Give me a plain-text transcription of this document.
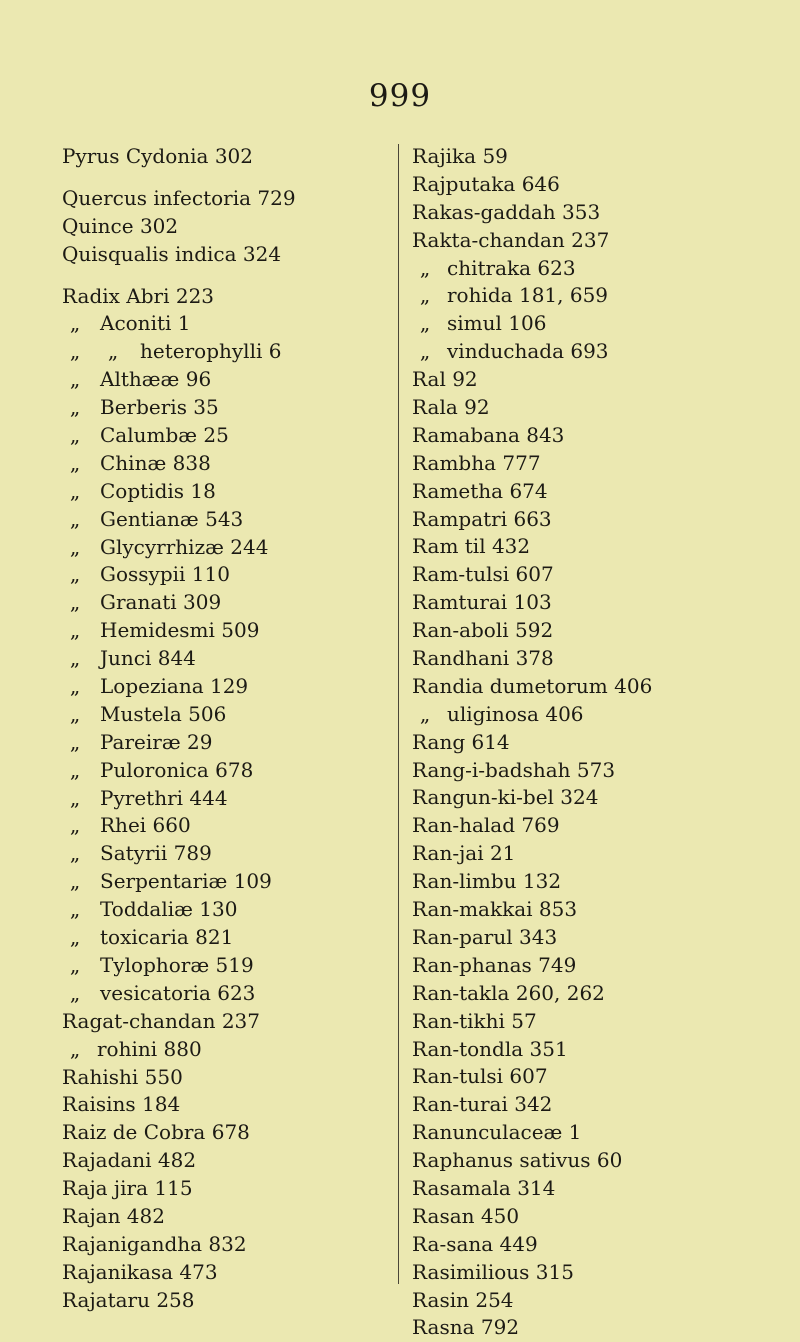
999
Pyrus Cydonia 302
Quercus infectoria 729
Quince 302
Quisqualis indica 324
Radix Abri 223
„ Aconiti 1
„ „ heterophylli 6
„ Althææ 96
„ Berberis 35
„ Calumbæ 25
„ Chinæ 838
„ Coptidis 18
„ Gentianæ 543
„ Glycyrrhizæ 244
„ Gossypii 110
„ Granati 309
„ Hemidesmi 509
„ Junci 844
„ Lopeziana 129
„ Mustela 506
„ Pareiræ 29
„ Puloronica 678
„ Pyrethri 444
„ Rhei 660
„ Satyrii 789
„ Serpentariæ 109
„ Toddaliæ 130
„ toxicaria 821
„ Tylophoræ 519
„ vesicatoria 623
Ragat-chandan 237
„ rohini 880
Rahishi 550
Raisins 184
Raiz de Cobra 678
Rajadani 482
Raja jira 115
Rajan 482
Rajanigandha 832
Rajanikasa 473
Rajataru 258
Rajika 59
Rajputaka 646
Rakas-gaddah 353
Rakta-chandan 237
„ chitraka 623
„ rohida 181, 659
„ simul 106
„ vinduchada 693
Ral 92
Rala 92
Ramabana 843
Rambha 777
Rametha 674
Rampatri 663
Ram til 432
Ram-tulsi 607
Ramturai 103
Ran-aboli 592
Randhani 378
Randia dumetorum 406
„ uliginosa 406
Rang 614
Rang-i-badshah 573
Rangun-ki-bel 324
Ran-halad 769
Ran-jai 21
Ran-limbu 132
Ran-makkai 853
Ran-parul 343
Ran-phanas 749
Ran-takla 260, 262
Ran-tikhi 57
Ran-tondla 351
Ran-tulsi 607
Ran-turai 342
Ranunculaceæ 1
Raphanus sativus 60
Rasamala 314
Rasan 450
Ra-sana 449
Rasimilious 315
Rasin 254
Rasna 792
